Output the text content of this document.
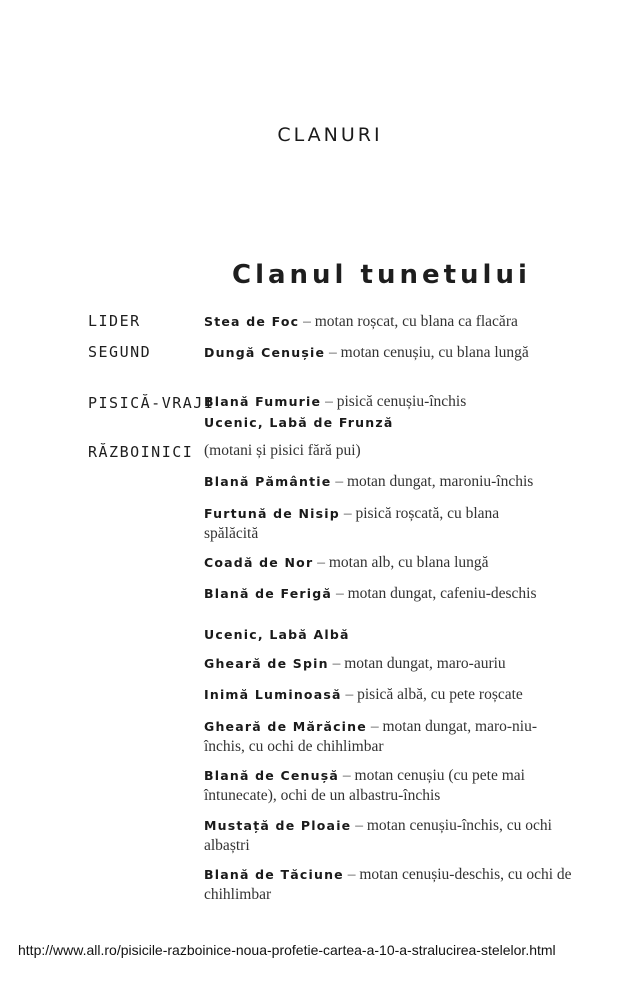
CLANURI
Clanul tunetului
LIDER
SEGUND
PISICĂ-VRAJI
RĂZBOINICI
Stea de Foc – motan roșcat, cu blana ca flacăra
Dungă Cenușie – motan cenușiu, cu blana lungă
Blană Fumurie – pisică cenușiu-închis
Ucenic, Labă de Frunză
(motani și pisici fără pui)
Blană Pământie – motan dungat, maroniu-închis
Furtună de Nisip – pisică roșcată, cu blana spălăcită
Coadă de Nor – motan alb, cu blana lungă
Blană de Ferigă – motan dungat, cafeniu-deschis
Ucenic, Labă Albă
Gheară de Spin – motan dungat, maro-auriu
Inimă Luminoasă – pisică albă, cu pete roșcate
Gheară de Mărăcine – motan dungat, maro-niu-închis, cu ochi de chihlimbar
Blană de Cenușă – motan cenușiu (cu pete mai întunecate), ochi de un albastru-închis
Mustață de Ploaie – motan cenușiu-închis, cu ochi albaștri
Blană de Tăciune – motan cenușiu-deschis, cu ochi de chihlimbar
http://www.all.ro/pisicile-razboinice-noua-profetie-cartea-a-10-a-stralucirea-stelelor.html
